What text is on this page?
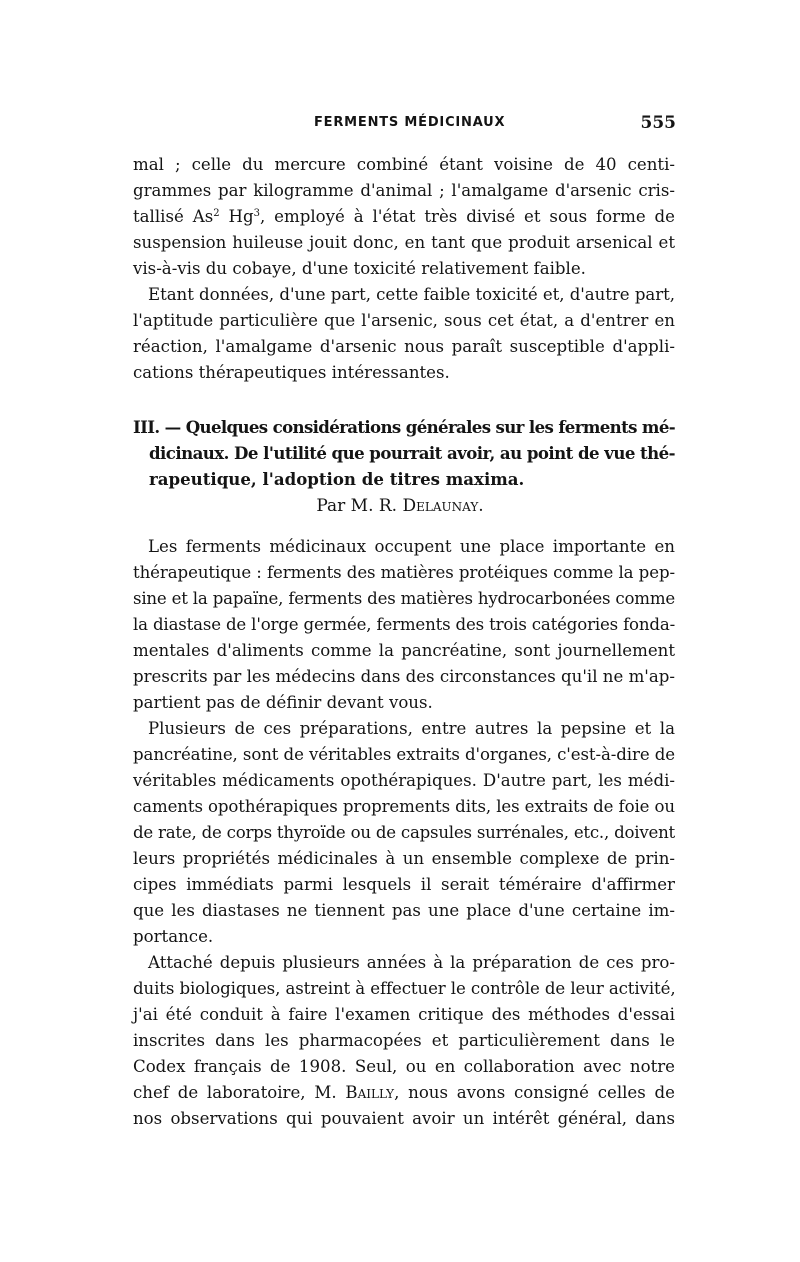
FERMENTS MÉDICINAUX	555
mal ; celle du mercure combiné étant voisine de 40 centi-
grammes par kilogramme d'animal ; l'amalgame d'arsenic cris-
tallisé As$^2$ Hg$^3$, employé à l'état très divisé et sous forme de
suspension huileuse jouit donc, en tant que produit arsenical et
vis-à-vis du cobaye, d'une toxicité relativement faible.
Etant données, d'une part, cette faible toxicité et, d'autre part,
l'aptitude particulière que l'arsenic, sous cet état, a d'entrer en
réaction, l'amalgame d'arsenic nous paraît susceptible d'appli-
cations thérapeutiques intéressantes.
III. — Quelques considérations générales sur les ferments mé-
dicinaux. De l'utilité que pourrait avoir, au point de vue thé-
rapeutique, l'adoption de titres maxima.
Par M. R. Delaunay.
Les ferments médicinaux occupent une place importante en
thérapeutique : ferments des matières protéiques comme la pep-
sine et la papaïne, ferments des matières hydrocarbonées comme
la diastase de l'orge germée, ferments des trois catégories fonda-
mentales d'aliments comme la pancréatine, sont journellement
prescrits par les médecins dans des circonstances qu'il ne m'ap-
partient pas de définir devant vous.
Plusieurs de ces préparations, entre autres la pepsine et la
pancréatine, sont de véritables extraits d'organes, c'est-à-dire de
véritables médicaments opothérapiques. D'autre part, les médi-
caments opothérapiques proprements dits, les extraits de foie ou
de rate, de corps thyroïde ou de capsules surrénales, etc., doivent
leurs propriétés médicinales à un ensemble complexe de prin-
cipes immédiats parmi lesquels il serait téméraire d'affirmer
que les diastases ne tiennent pas une place d'une certaine im-
portance.
Attaché depuis plusieurs années à la préparation de ces pro-
duits biologiques, astreint à effectuer le contrôle de leur activité,
j'ai été conduit à faire l'examen critique des méthodes d'essai
inscrites dans les pharmacopées et particulièrement dans le
Codex français de 1908. Seul, ou en collaboration avec notre
chef de laboratoire, M. Bailly, nous avons consigné celles de
nos observations qui pouvaient avoir un intérêt général, dans
